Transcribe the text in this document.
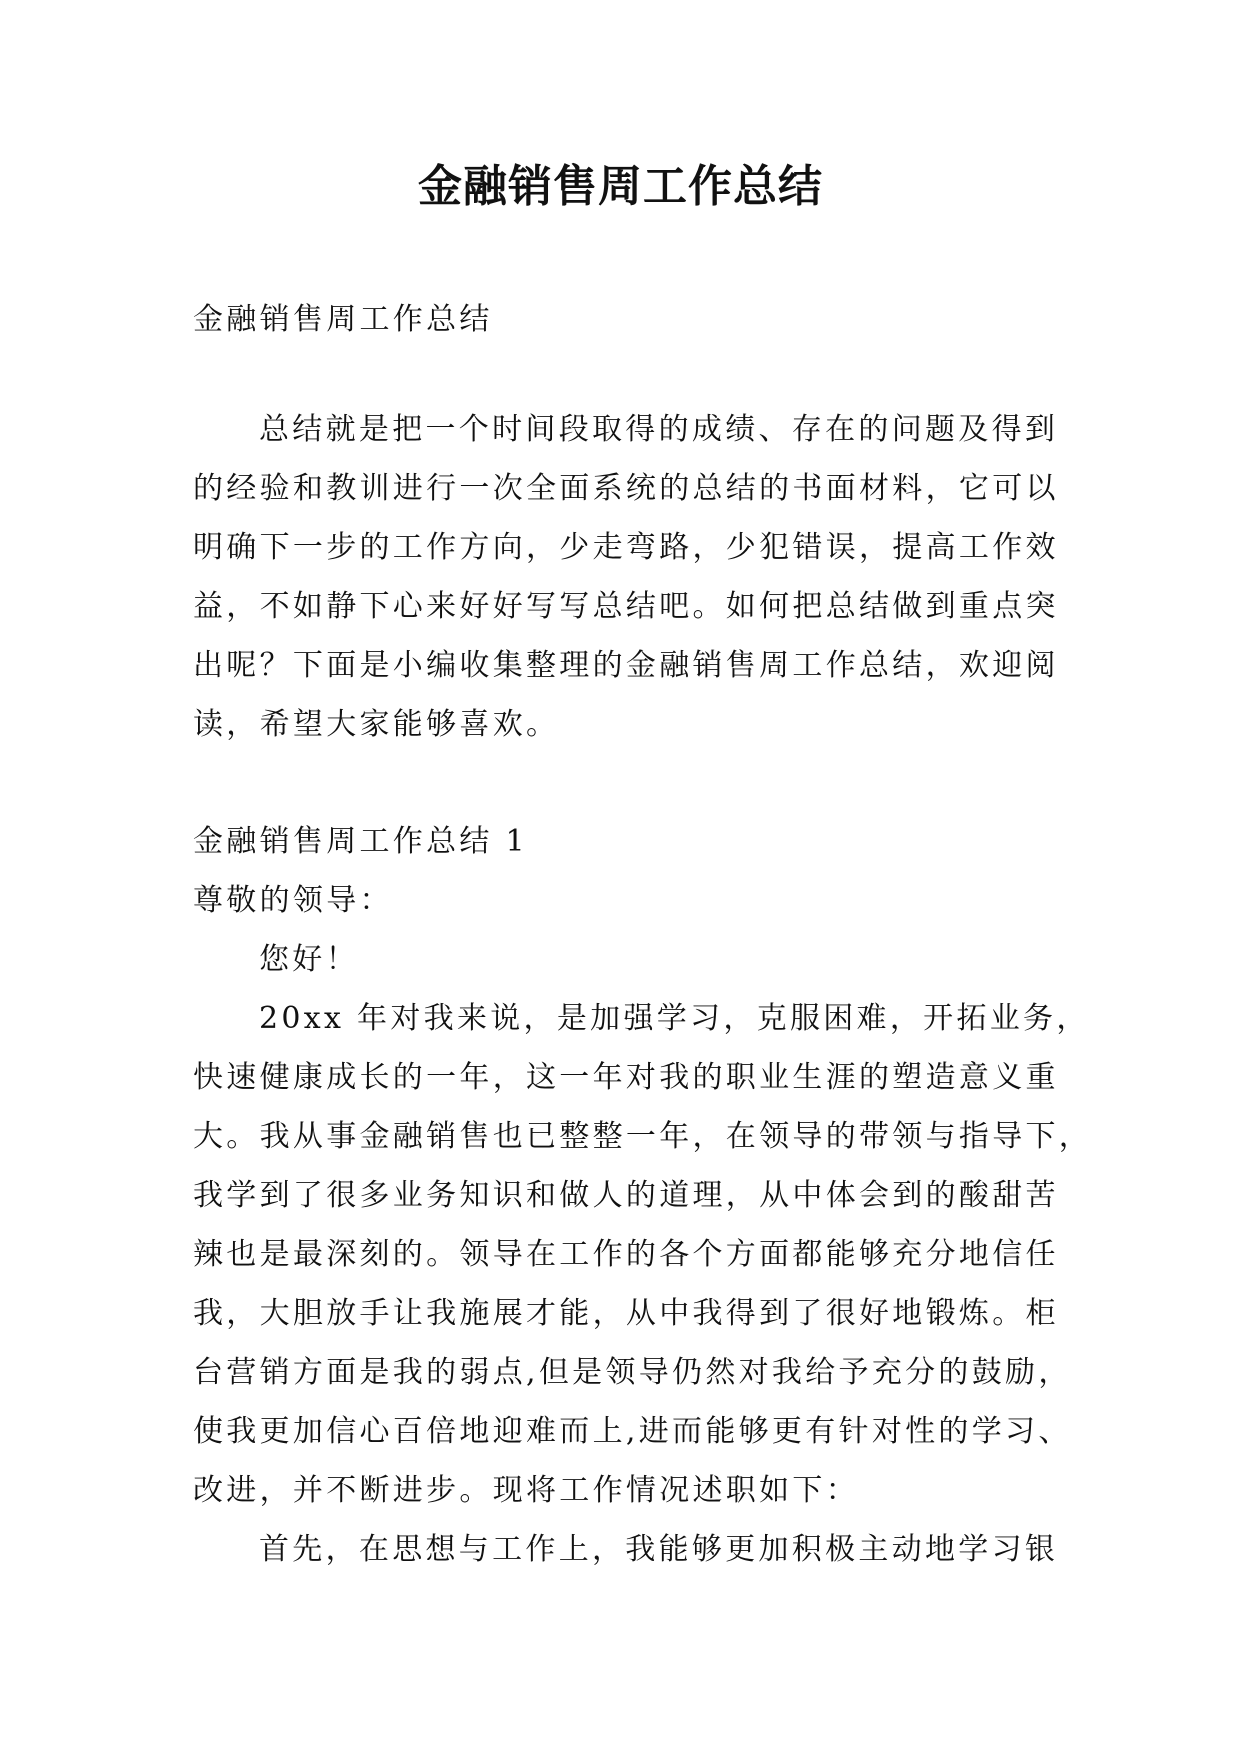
金融销售周工作总结

金融销售周工作总结

总结就是把一个时间段取得的成绩、存在的问题及得到

的经验和教训进行一次全面系统的总结的书面材料，它可以

明确下一步的工作方向，少走弯路，少犯错误，提高工作效

益，不如静下心来好好写写总结吧。如何把总结做到重点突

出呢？下面是小编收集整理的金融销售周工作总结，欢迎阅

读，希望大家能够喜欢。

金融销售周工作总结 1

尊敬的领导：

您好！

20xx 年对我来说，是加强学习，克服困难，开拓业务，

快速健康成长的一年，这一年对我的职业生涯的塑造意义重

大。我从事金融销售也已整整一年，在领导的带领与指导下，

我学到了很多业务知识和做人的道理，从中体会到的酸甜苦

辣也是最深刻的。领导在工作的各个方面都能够充分地信任

我，大胆放手让我施展才能，从中我得到了很好地锻炼。柜

台营销方面是我的弱点,但是领导仍然对我给予充分的鼓励，

使我更加信心百倍地迎难而上,进而能够更有针对性的学习、

改进，并不断进步。现将工作情况述职如下：

首先，在思想与工作上，我能够更加积极主动地学习银
